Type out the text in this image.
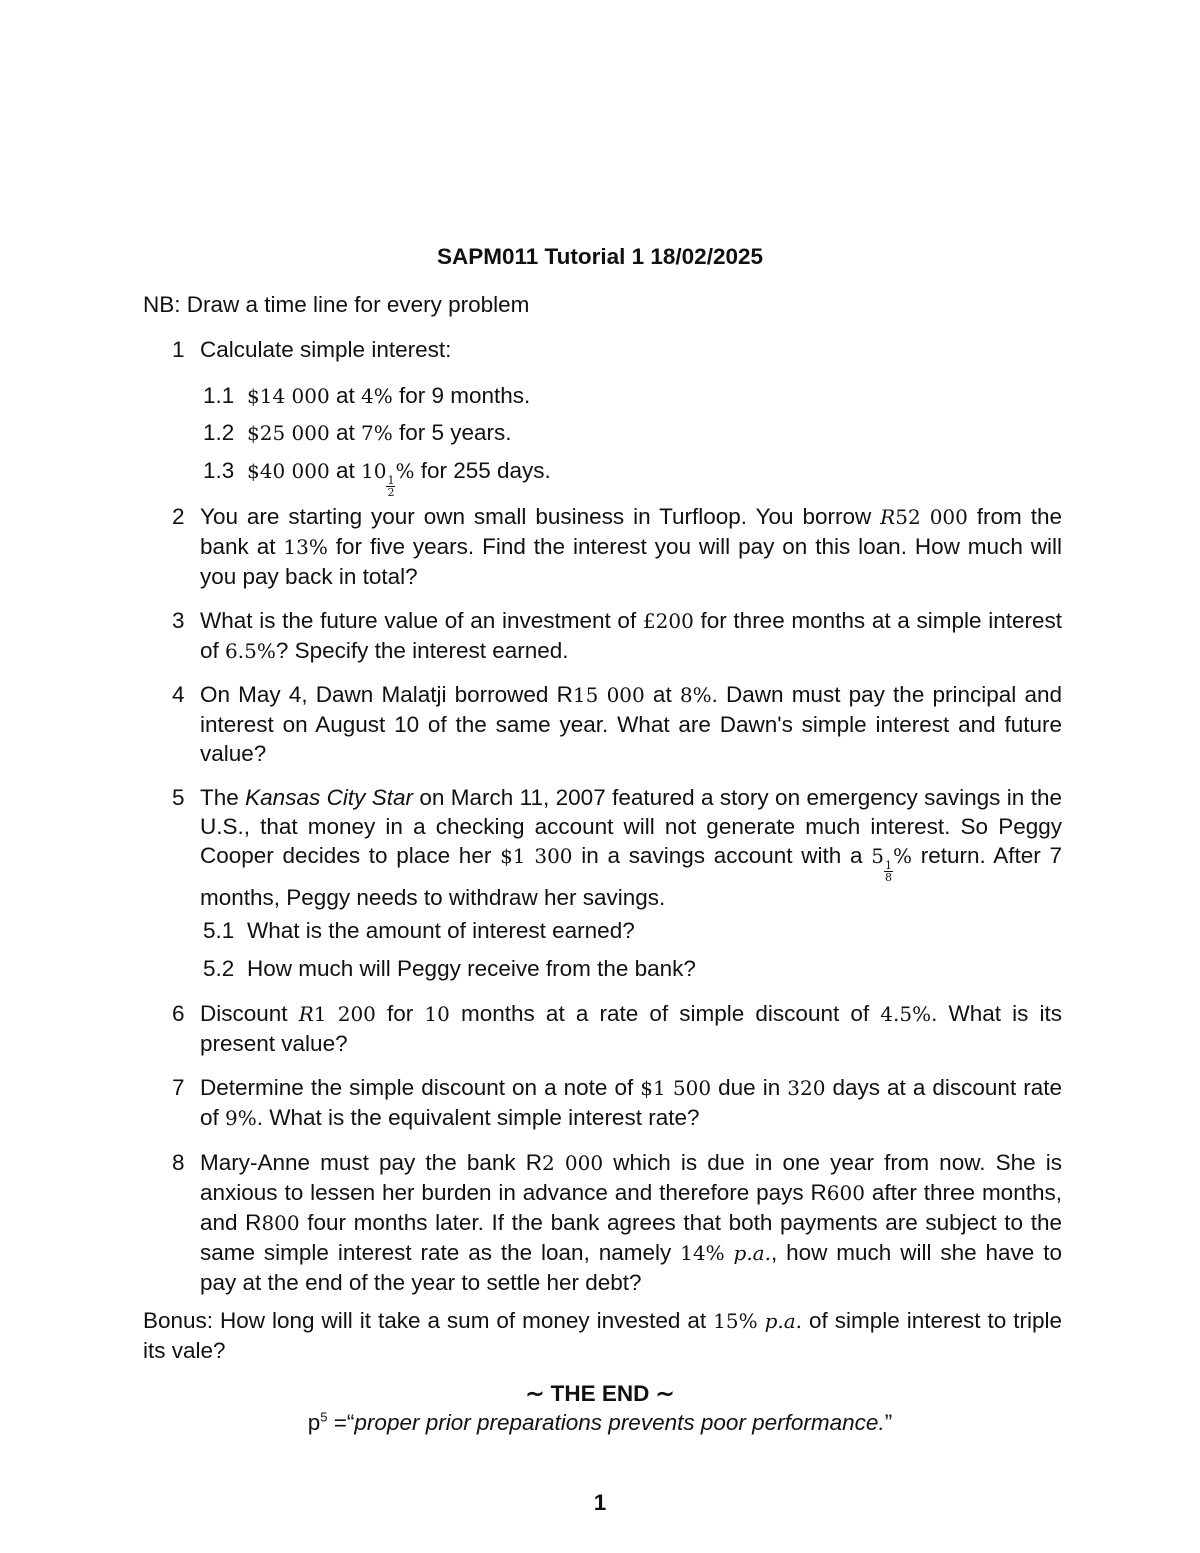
SAPM011 Tutorial 1 18/02/2025
NB: Draw a time line for every problem
1 Calculate simple interest:
1.1 $14 000 at 4% for 9 months.
1.2 $25 000 at 7% for 5 years.
1.3 $40 000 at 10
$\frac{1}{2}$
% for 255 days.
2 You are starting your own small business in Turfloop. You borrow R52 000 from the bank at 13% for five years. Find the interest you will pay on this loan. How much will you pay back in total?
3 What is the future value of an investment of £200 for three months at a simple interest of 6.5%? Specify the interest earned.
4 On May 4, Dawn Malatji borrowed R15 000 at 8%. Dawn must pay the principal and interest on August 10 of the same year. What are Dawn's simple interest and future value?
5 The Kansas City Star on March 11, 2007 featured a story on emergency savings in the U.S., that money in a checking account will not generate much interest. So Peggy Cooper decides to place her $1 300 in a savings account with a 5
$\frac{1}{8}$
% return. After 7 months, Peggy needs to withdraw her savings.
5.1 What is the amount of interest earned?
5.2 How much will Peggy receive from the bank?
6 Discount R1 200 for 10 months at a rate of simple discount of 4.5%. What is its present value?
7 Determine the simple discount on a note of $1 500 due in 320 days at a discount rate of 9%. What is the equivalent simple interest rate?
8 Mary-Anne must pay the bank R2 000 which is due in one year from now. She is anxious to lessen her burden in advance and therefore pays R600 after three months, and R800 four months later. If the bank agrees that both payments are subject to the same simple interest rate as the loan, namely 14% p.a., how much will she have to pay at the end of the year to settle her debt?
Bonus: How long will it take a sum of money invested at 15% p.a. of simple interest to triple its vale?
∼ THE END ∼
$p^5$ =“proper prior preparations prevents poor performance.”
1
